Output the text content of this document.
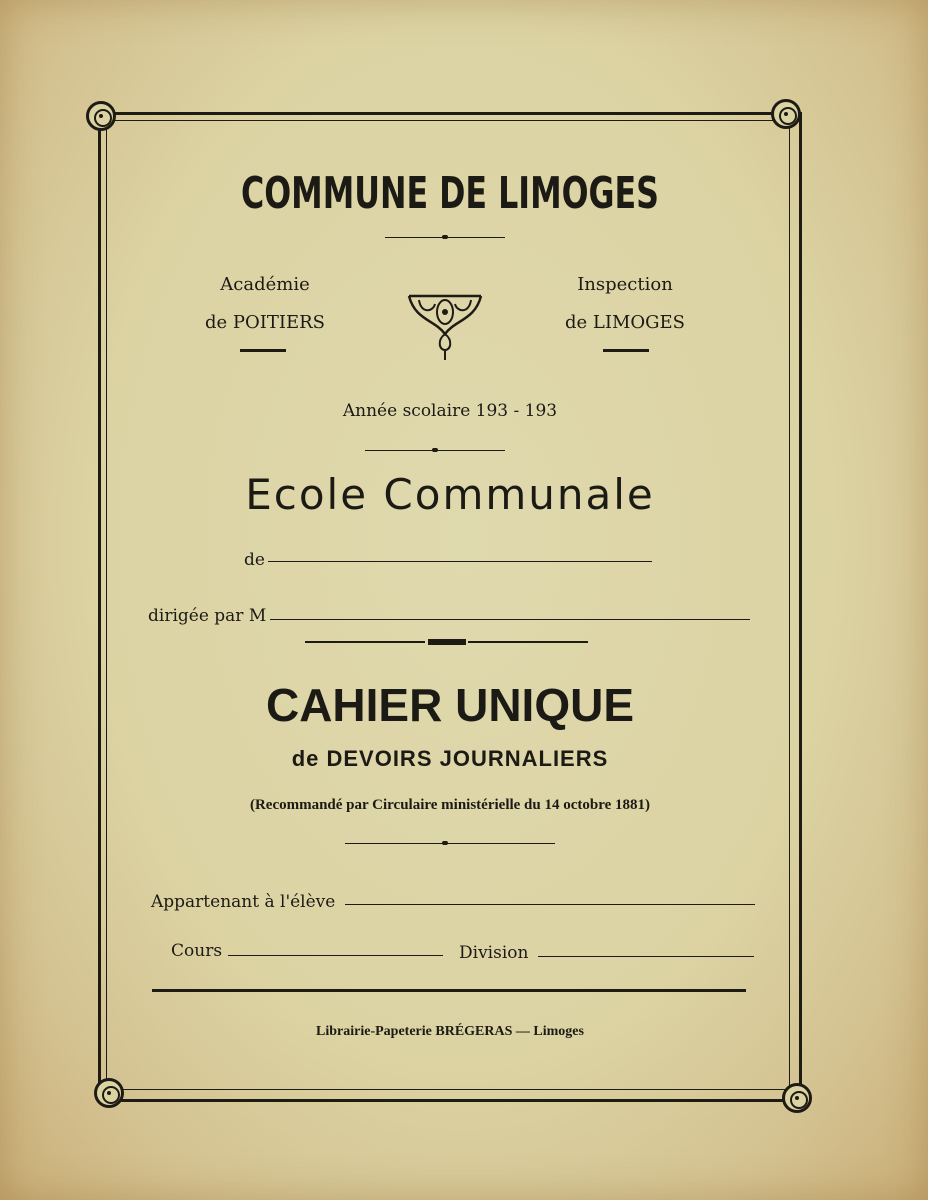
COMMUNE DE LIMOGES
Académie
de POITIERS
Inspection
de LIMOGES
Année scolaire 193 - 193
Ecole Communale
de
dirigée par M
CAHIER UNIQUE
de DEVOIRS JOURNALIERS
(Recommandé par Circulaire ministérielle du 14 octobre 1881)
Appartenant à l'élève
Cours	Division
Librairie-Papeterie BRÉGERAS — Limoges
